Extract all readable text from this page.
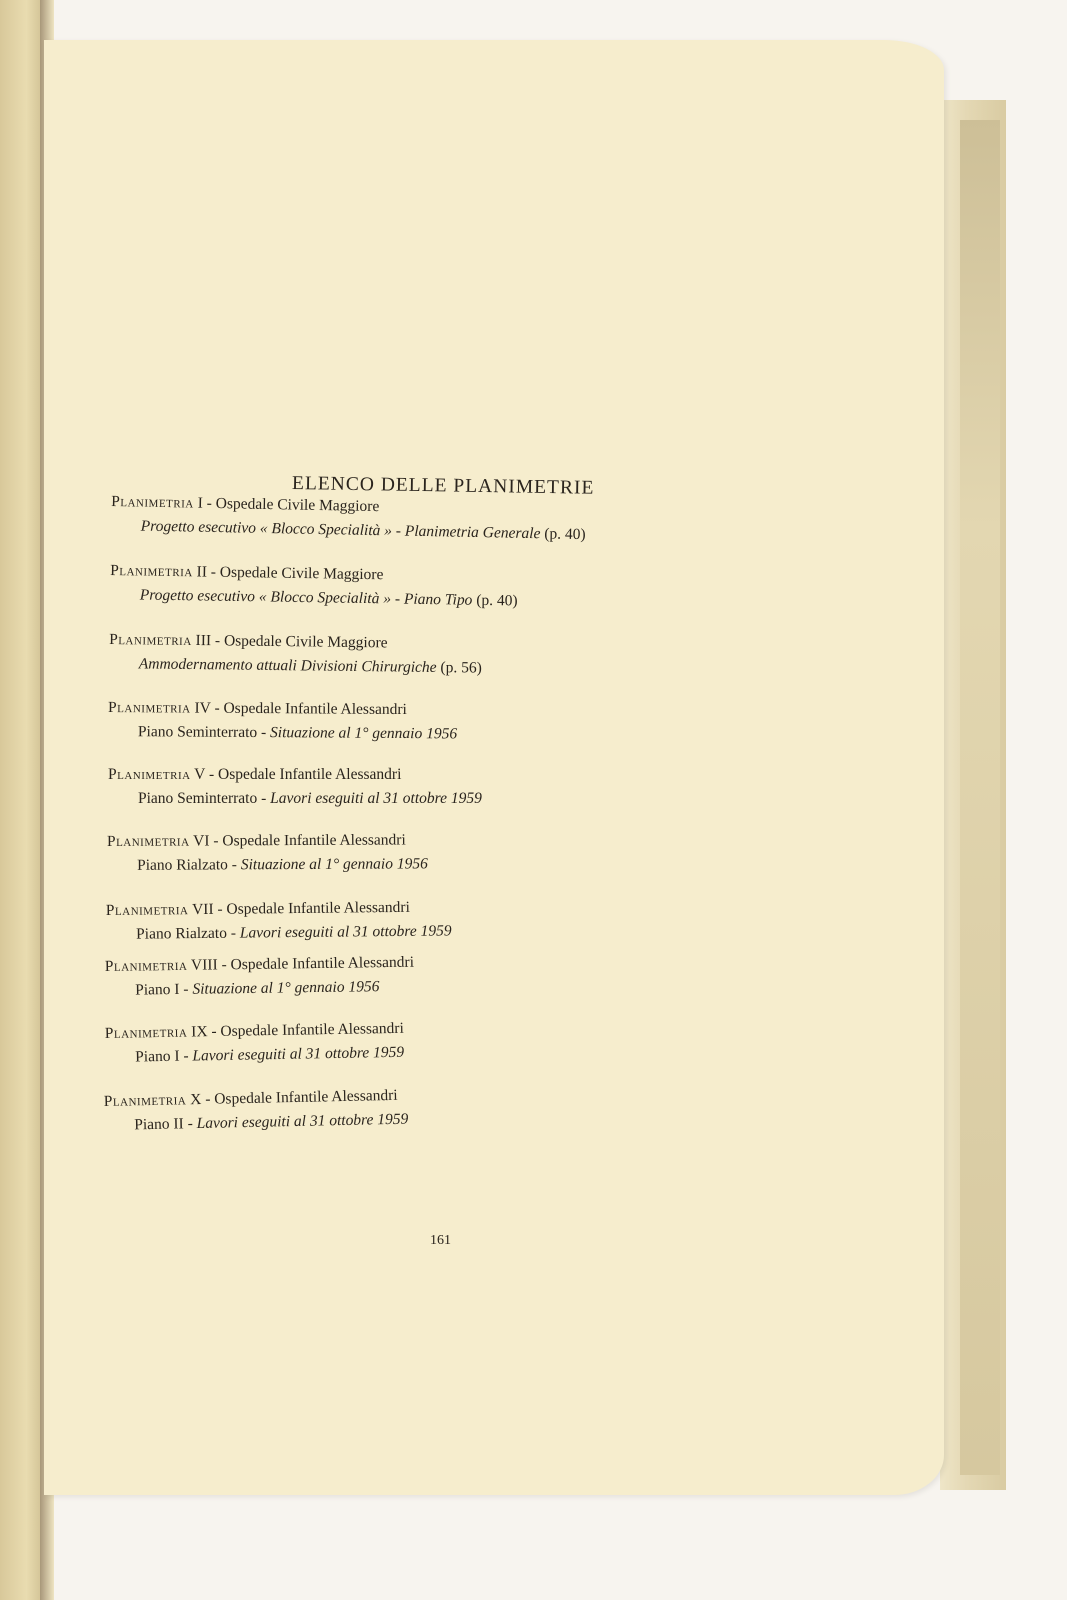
ELENCO DELLE PLANIMETRIE
Planimetria I - Ospedale Civile Maggiore
Progetto esecutivo « Blocco Specialità » - Planimetria Generale (p. 40)
Planimetria II - Ospedale Civile Maggiore
Progetto esecutivo « Blocco Specialità » - Piano Tipo (p. 40)
Planimetria III - Ospedale Civile Maggiore
Ammodernamento attuali Divisioni Chirurgiche (p. 56)
Planimetria IV - Ospedale Infantile Alessandri
Piano Seminterrato - Situazione al 1° gennaio 1956
Planimetria V - Ospedale Infantile Alessandri
Piano Seminterrato - Lavori eseguiti al 31 ottobre 1959
Planimetria VI - Ospedale Infantile Alessandri
Piano Rialzato - Situazione al 1° gennaio 1956
Planimetria VII - Ospedale Infantile Alessandri
Piano Rialzato - Lavori eseguiti al 31 ottobre 1959
Planimetria VIII - Ospedale Infantile Alessandri
Piano I - Situazione al 1° gennaio 1956
Planimetria IX - Ospedale Infantile Alessandri
Piano I - Lavori eseguiti al 31 ottobre 1959
Planimetria X - Ospedale Infantile Alessandri
Piano II - Lavori eseguiti al 31 ottobre 1959
161
